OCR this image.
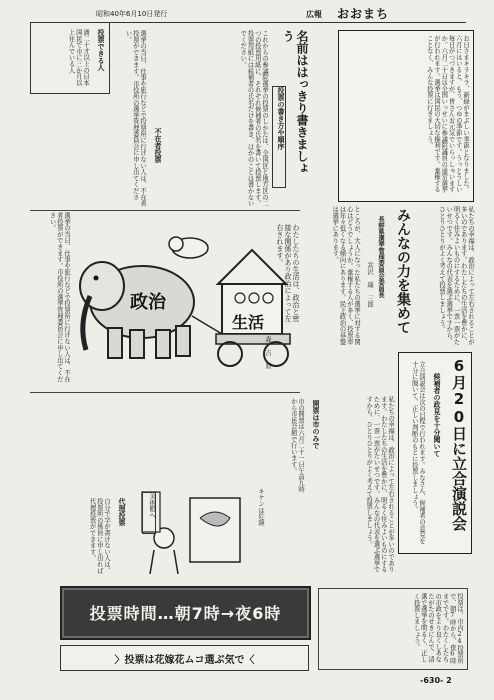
昭和40年6月10日発行	広報 おおまち
お日さまキラキラ、新緑がまぶしい季節となりました。六月にはいると、もう、つゆの季節です。うっとうしい毎日がつづきますが、皆さんお元気でいらっしゃいますか。六月二十日は全国いっせいに参議院議員の通常選挙が行われます。選挙は国民の大切な権利です。棄権することなく、みんな投票に行きましょう。
みんなの力を集めて
長野県選挙管理委員会委員長
宮沢 瑞 三郎	私たちの幸福は、政治によって左右されることが多いのであります。わたしたちの生活を豊かに、明るく住みよいものにするために、一票一票がたいせつです。みんなの代表を選ぶ選挙ですから、ひとりひとりがよく考えて投票しましょう。
ところが、大人になった私たちの選挙に対する関心はどうでしょうか。棄権する人が多く、投票率は年々低くなる傾向にあります。民主政治の基盤は選挙にあります。
名前ははっきり書きましょう
投票の書き方や順序
これからの参議院選挙の投票のしかたは、全国区と地方区の二つの投票用紙に、それぞれ候補者の氏名を書いて投票します。投票用紙には候補者の氏名だけを書き、ほかのことは書かないでください。
不在者投票
選挙の当日、仕事や旅行などで投票所に行けない人は、不在者投票ができます。市役所の選挙管理委員会に申し出てください。
投票できる人
満二十才以上の日本国民で市に三か月以上住んでいる人
政治
生活
わたしたちの生活は、政治と密接な関係があり政治によって左右されます。
森 吉 原
選挙の当日、仕事や旅行などで投票所に行けない人は、不在者投票ができます。市役所の選挙管理委員会に申し出てください。
開票は市のみで
市の開票は六月二十一日午前九時から市民会館で行います。
代理投票
自分で字が書けない人は、投票所の係員に申し出れば代理投票ができます。	美術館へ	キケンは危険	6月20日に立合演説会
候補者の政見を十分聞いて
立合演説会は次の日程で行われます。みなさん、候補者の意見を十分に聞いて、正しい判断のもとに投票しましょう。
私たちの幸福は、政治によって左右されることが多いのであります。わたしたちの生活を豊かに、明るく住みよいものにするために、一票一票がたいせつです。みんなの代表を選ぶ選挙ですから、ひとりひとりがよく考えて投票しましょう。
投票時間…朝7時→夜6時
〉投票は花嫁花ムコ選ぶ気で〈	投票は、市内24投票所で、朝7時から、夜6時までです。わたくしたちの市政をより良くしあなたがたのせきにんで、清潔で選挙を明るく、正しく投票しましょう。
-630- 2
